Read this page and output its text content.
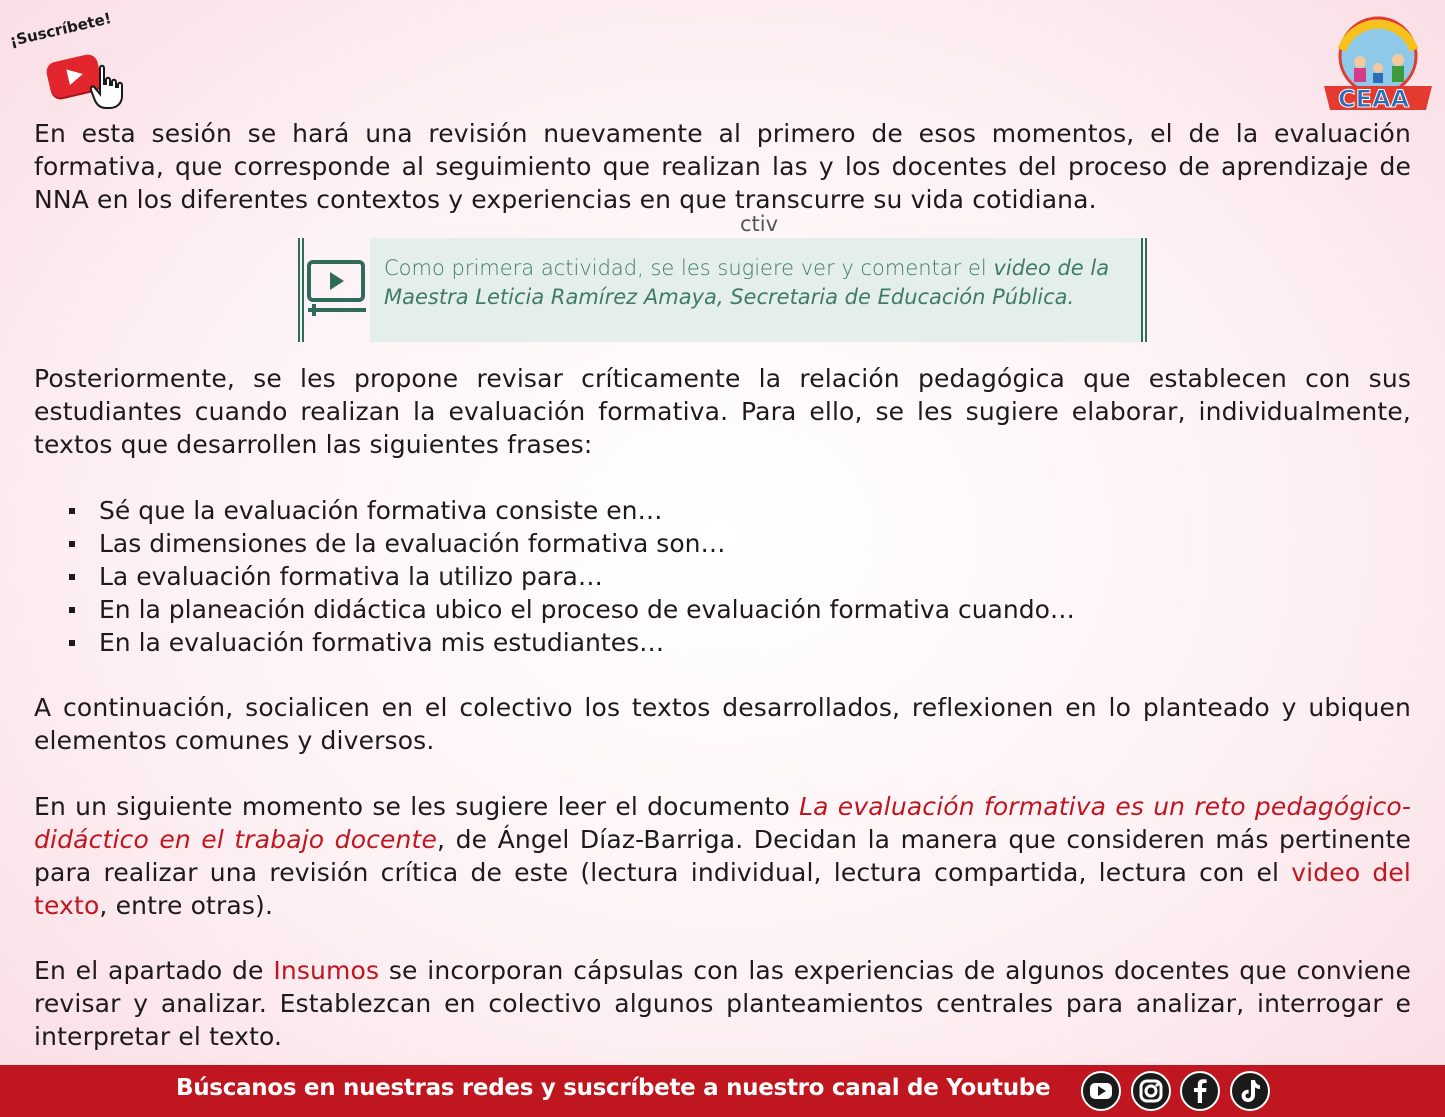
¡Suscríbete!
CEAA

En esta sesión se hará una revisión nuevamente al primero de esos momentos, el de la evaluación formativa, que corresponde al seguimiento que realizan las y los docentes del proceso de aprendizaje de NNA en los diferentes contextos y experiencias en que transcurre su vida cotidiana.

ctiv

Como primera actividad, se les sugiere ver y comentar el video de la Maestra Leticia Ramírez Amaya, Secretaria de Educación Pública.

Posteriormente, se les propone revisar críticamente la relación pedagógica que establecen con sus estudiantes cuando realizan la evaluación formativa. Para ello, se les sugiere elaborar, individualmente, textos que desarrollen las siguientes frases:

Sé que la evaluación formativa consiste en…
Las dimensiones de la evaluación formativa son…
La evaluación formativa la utilizo para…
En la planeación didáctica ubico el proceso de evaluación formativa cuando…
En la evaluación formativa mis estudiantes…

A continuación, socialicen en el colectivo los textos desarrollados, reflexionen en lo planteado y ubiquen elementos comunes y diversos.

En un siguiente momento se les sugiere leer el documento La evaluación formativa es un reto pedagógico-didáctico en el trabajo docente, de Ángel Díaz-Barriga. Decidan la manera que consideren más pertinente para realizar una revisión crítica de este (lectura individual, lectura compartida, lectura con el video del texto, entre otras).

En el apartado de Insumos se incorporan cápsulas con las experiencias de algunos docentes que conviene revisar y analizar. Establezcan en colectivo algunos planteamientos centrales para analizar, interrogar e interpretar el texto.

Búscanos en nuestras redes y suscríbete a nuestro canal de Youtube
